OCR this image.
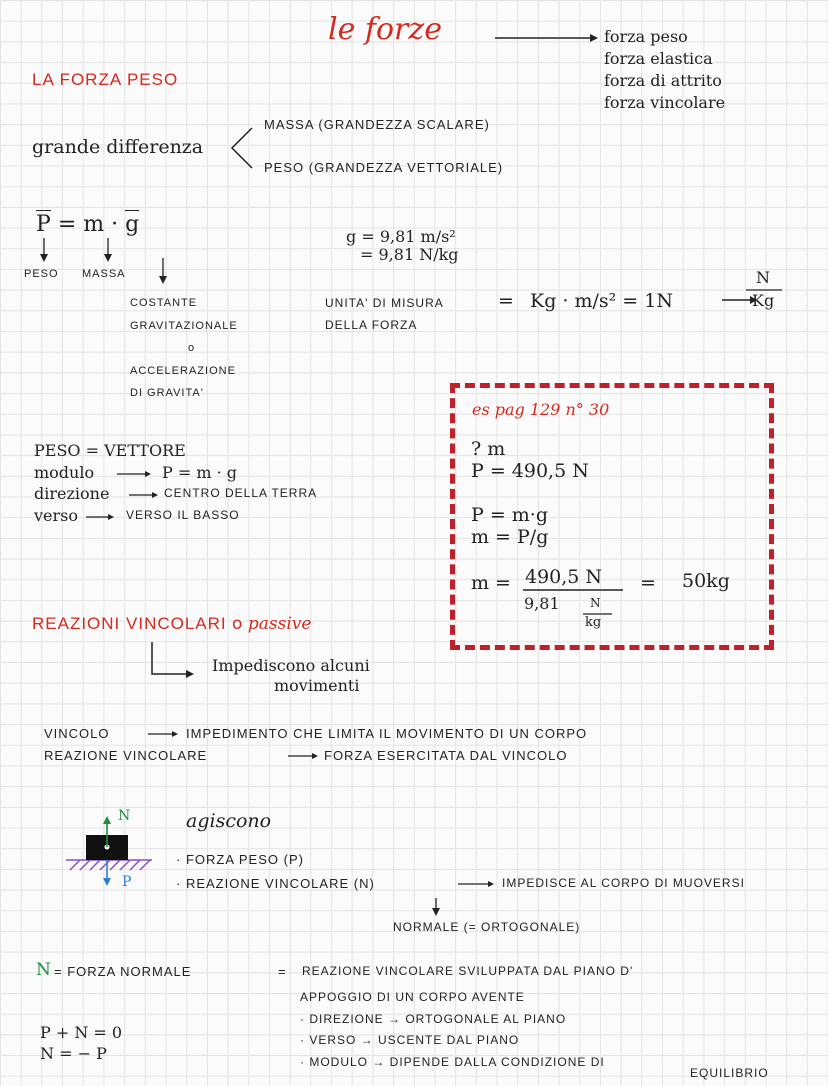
le forze	forza peso
forza elastica
forza di attrito
forza vincolare
LA FORZA PESO
grande differenza
MASSA (GRANDEZZA SCALARE)
PESO (GRANDEZZA VETTORIALE)
P = m · g
PESO MASSA
COSTANTE
GRAVITAZIONALE
o
ACCELERAZIONE
DI GRAVITA'
g = 9,81 m/s²
= 9,81 N/kg
UNITA' DI MISURA
DELLA FORZA
= Kg · m/s² = 1N
N
Kg
es pag 129 n° 30
? m
P = 490,5 N
P = m·g
m = P/g
m = 490,5 N
9,81	N
kg
= 50kg
PESO = VETTORE
modulo	P = m · g
direzione	CENTRO DELLA TERRA
verso	VERSO IL BASSO
REAZIONI VINCOLARI o passive
Impediscono alcuni
movimenti
VINCOLO	IMPEDIMENTO CHE LIMITA IL MOVIMENTO DI UN CORPO
REAZIONE VINCOLARE	FORZA ESERCITATA DAL VINCOLO
N
P
agiscono
· FORZA PESO (P)
· REAZIONE VINCOLARE (N)	IMPEDISCE AL CORPO DI MUOVERSI
NORMALE (= ORTOGONALE)
N = FORZA NORMALE	= REAZIONE VINCOLARE SVILUPPATA DAL PIANO D'
APPOGGIO DI UN CORPO AVENTE
· DIREZIONE → ORTOGONALE AL PIANO
· VERSO → USCENTE DAL PIANO
· MODULO → DIPENDE DALLA CONDIZIONE DI
EQUILIBRIO
P + N = 0
N = − P
